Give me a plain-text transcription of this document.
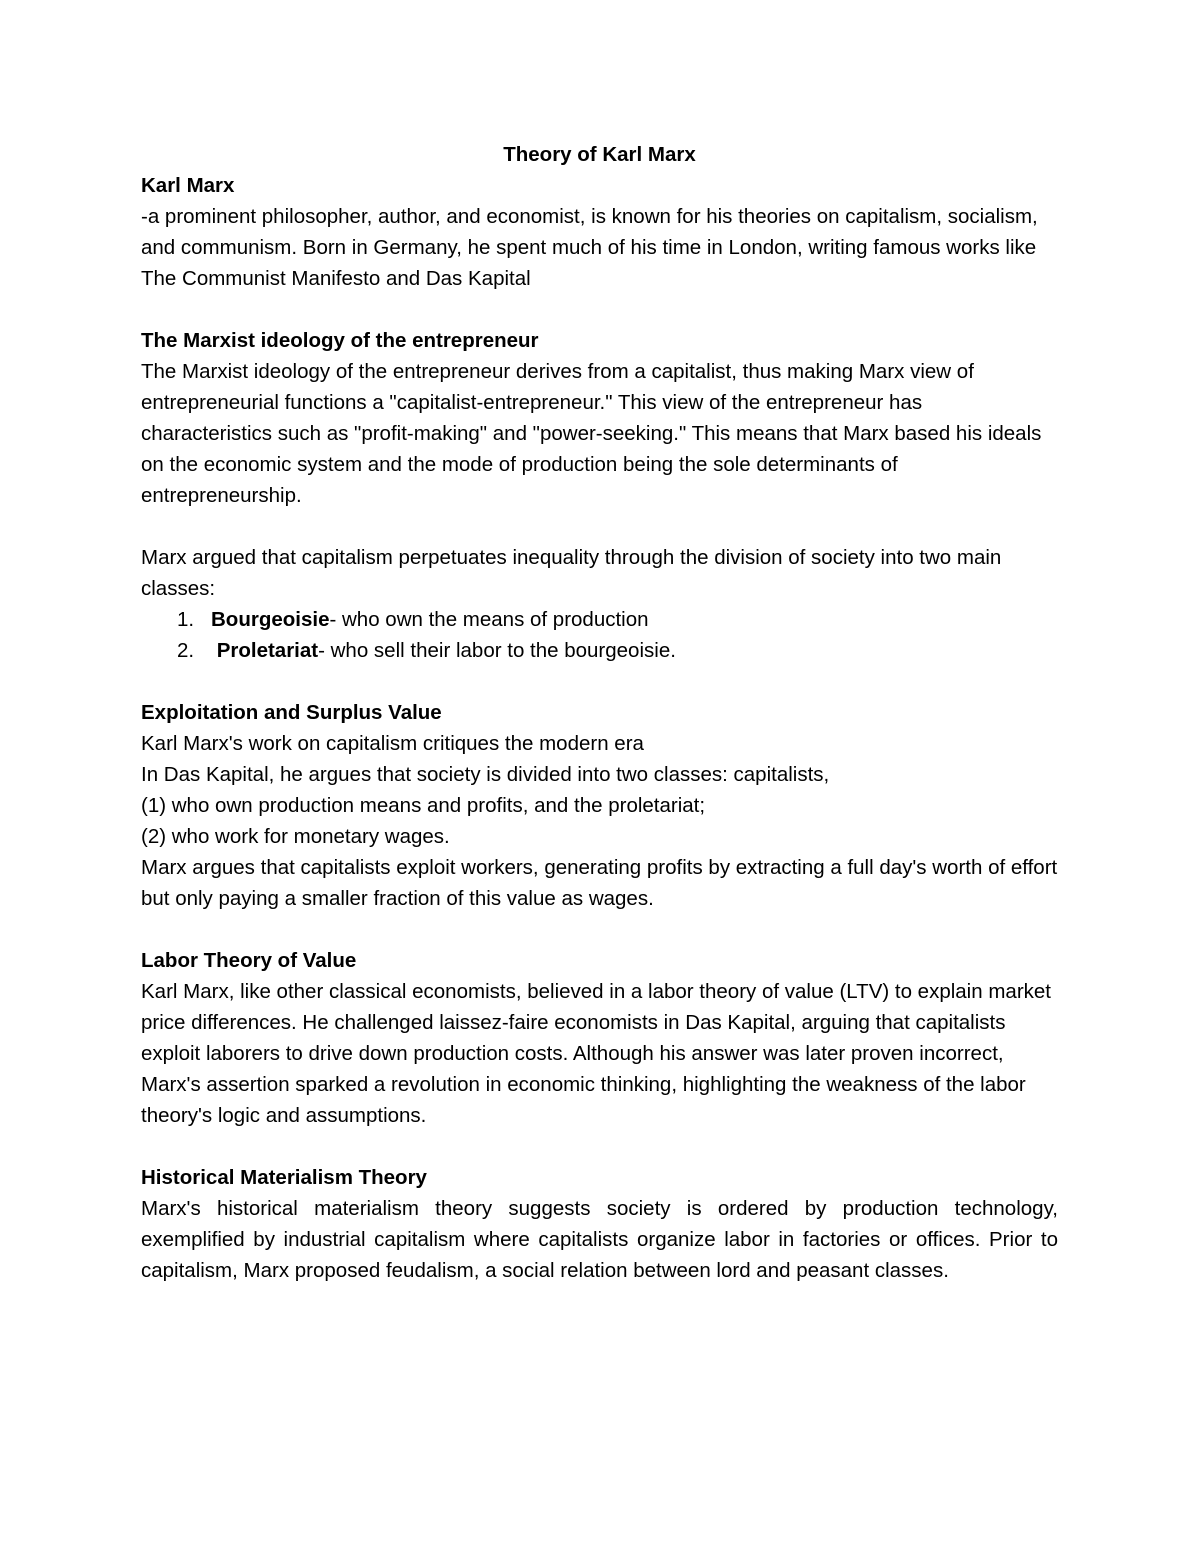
Theory of Karl Marx

Karl Marx

-a prominent philosopher, author, and economist, is known for his theories on capitalism, socialism, and communism. Born in Germany, he spent much of his time in London, writing famous works like The Communist Manifesto and Das Kapital

The Marxist ideology of the entrepreneur

The Marxist ideology of the entrepreneur derives from a capitalist, thus making Marx view of entrepreneurial functions a "capitalist-entrepreneur." This view of the entrepreneur has characteristics such as "profit-making" and "power-seeking." This means that Marx based his ideals on the economic system and the mode of production being the sole determinants of entrepreneurship.

Marx argued that capitalism perpetuates inequality through the division of society into two main classes:

1. Bourgeoisie- who own the means of production
2. Proletariat- who sell their labor to the bourgeoisie.

Exploitation and Surplus Value

Karl Marx's work on capitalism critiques the modern era

In Das Kapital, he argues that society is divided into two classes: capitalists,

(1) who own production means and profits, and the proletariat;

(2) who work for monetary wages.

Marx argues that capitalists exploit workers, generating profits by extracting a full day's worth of effort but only paying a smaller fraction of this value as wages.

Labor Theory of Value

Karl Marx, like other classical economists, believed in a labor theory of value (LTV) to explain market price differences. He challenged laissez-faire economists in Das Kapital, arguing that capitalists exploit laborers to drive down production costs. Although his answer was later proven incorrect, Marx's assertion sparked a revolution in economic thinking, highlighting the weakness of the labor theory's logic and assumptions.

Historical Materialism Theory

Marx's historical materialism theory suggests society is ordered by production technology, exemplified by industrial capitalism where capitalists organize labor in factories or offices. Prior to capitalism, Marx proposed feudalism, a social relation between lord and peasant classes.
